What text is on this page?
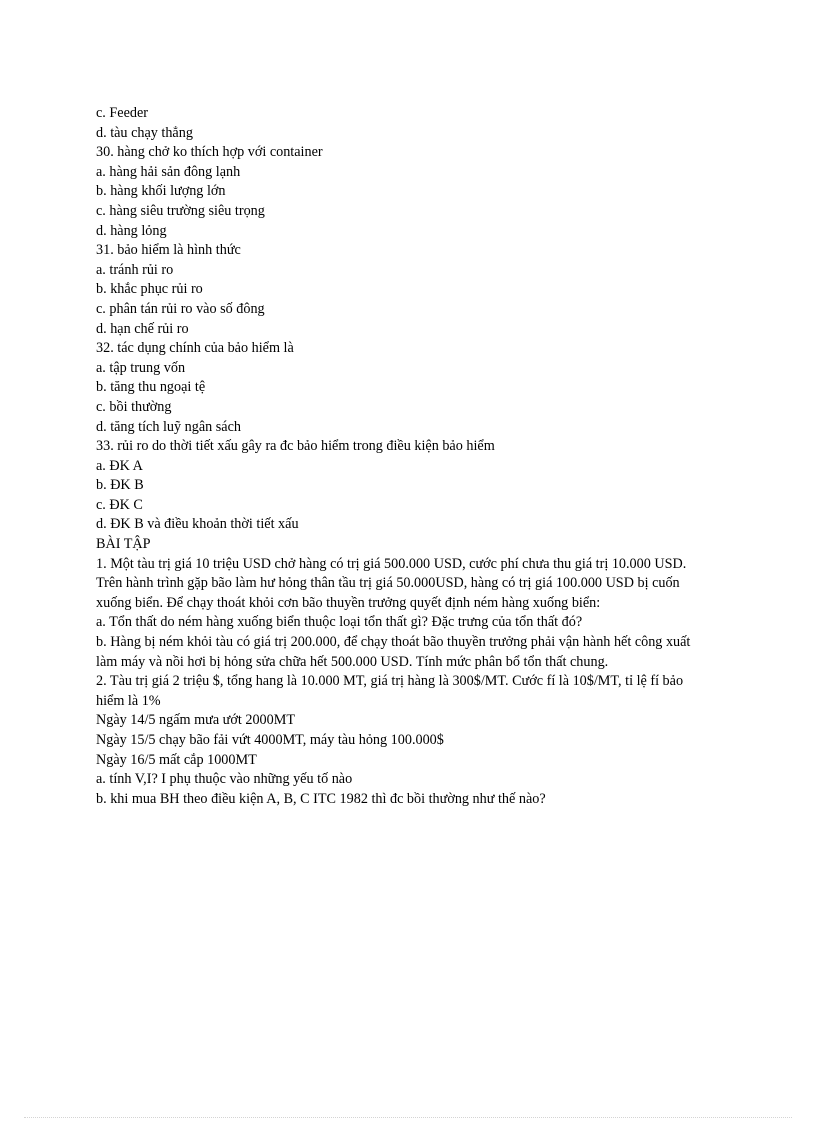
c. Feeder

d. tàu chạy thẳng

30. hàng chở ko thích hợp với container

a. hàng hải sản đông lạnh

b. hàng khối lượng lớn

c. hàng siêu trường siêu trọng

d. hàng lỏng

31. bảo hiểm là hình thức

a. tránh rủi ro

b. khắc phục rủi ro

c. phân tán rủi ro vào số đông

d. hạn chế rủi ro

32. tác dụng chính của bảo hiểm là

a. tập trung vốn

b. tăng thu ngoại tệ

c. bồi thường

d. tăng tích luỹ ngân sách

33. rủi ro do thời tiết xấu gây ra đc bảo hiểm trong điều kiện bảo hiểm

a. ĐK A

b. ĐK B

c. ĐK C

d. ĐK B và điều khoản thời tiết xấu

BÀI TẬP

1. Một tàu trị giá 10 triệu USD chở hàng có trị giá 500.000 USD, cước phí chưa thu giá trị 10.000 USD. Trên hành trình gặp bão làm hư hỏng thân tầu trị giá 50.000USD, hàng có trị giá 100.000 USD bị cuốn xuống biển. Để chạy thoát khỏi cơn bão thuyền trưởng quyết định ném hàng xuống biển:

a. Tổn thất do ném hàng xuống biển thuộc loại tổn thất gì? Đặc trưng của tổn thất đó?

b. Hàng bị ném khỏi tàu có giá trị 200.000, để chạy thoát bão thuyền trưởng phải vận hành hết công xuất làm máy và nồi hơi bị hỏng sửa chữa hết 500.000 USD. Tính mức phân bổ tổn thất chung.

2. Tàu trị giá 2 triệu $, tổng hang là 10.000 MT, giá trị hàng là 300$/MT. Cước fí là 10$/MT, tỉ lệ fí bảo hiểm là 1%

Ngày 14/5 ngấm mưa ướt 2000MT

Ngày 15/5 chạy bão fải vứt 4000MT, máy tàu hỏng 100.000$

Ngày 16/5 mất cắp 1000MT

a. tính V,I? I phụ thuộc vào những yếu tố nào

b. khi mua BH theo điều kiện A, B, C ITC 1982 thì đc bồi thường như thế nào?
